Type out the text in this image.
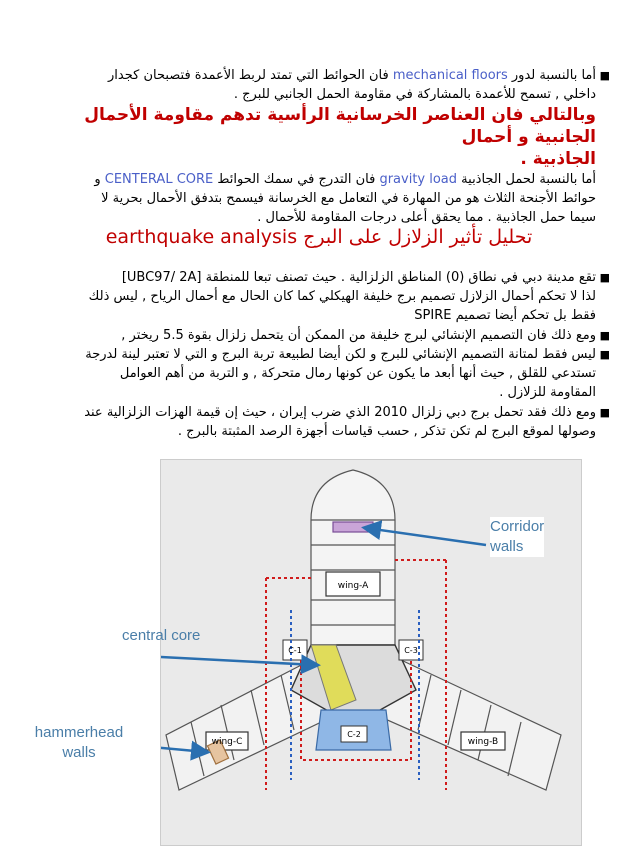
■
أما بالنسبة لدور mechanical floors فان الحوائط التي تمتد لربط الأعمدة فتصبحان كجدار
داخلي , تسمح للأعمدة بالمشاركة في مقاومة الحمل الجانبي للبرج .
وبالتالي فان العناصر الخرسانية الرأسية تدهم مقاومة الأحمال الجانبية و أحمال
الجاذبية .
أما بالنسبة لحمل الجاذبية gravity load فان التدرج في سمك الحوائط CENTERAL CORE و
حوائط الأجنحة الثلاث هو من المهارة في التعامل مع الخرسانة فيسمح بتدفق الأحمال بحرية لا
سيما حمل الجاذبية . مما يحقق أعلى درجات المقاومة للأحمال .
تحليل تأثير الزلازل على البرج earthquake analysis
■
تقع مدينة دبي في نطاق (0) المناطق الزلزالية . حيث تصنف تبعا للمنطقة [UBC97/ 2A]
لذا لا تحكم أحمال الزلازل تصميم برج خليفة الهيكلي كما كان الحال مع أحمال الرياح , ليس ذلك
فقط بل تحكم أيضا تصميم SPIRE
■
ومع ذلك فان التصميم الإنشائي لبرج خليفة من الممكن أن يتحمل زلزال بقوة 5.5 ريختر ,
■
ليس فقط لمتانة التصميم الإنشائي للبرج و لكن أيضا لطبيعة تربة البرج و التي لا تعتبر لينة لدرجة
تستدعي للقلق , حيث أنها أبعد ما يكون عن كونها رمال متحركة , و التربة من أهم العوامل
المقاومة للزلازل .
■
ومع ذلك فقد تحمل برج دبي زلزال 2010 الذي ضرب إيران ، حيث إن قيمة الهزات الزلزالية عند
وصولها لموقع البرج لم تكن تذكر , حسب قياسات أجهزة الرصد المثبتة بالبرج .
wing-A
wing-C	wing-B
C-1	C-3
C-2
Corridor
walls
central core
hammerhead
walls
